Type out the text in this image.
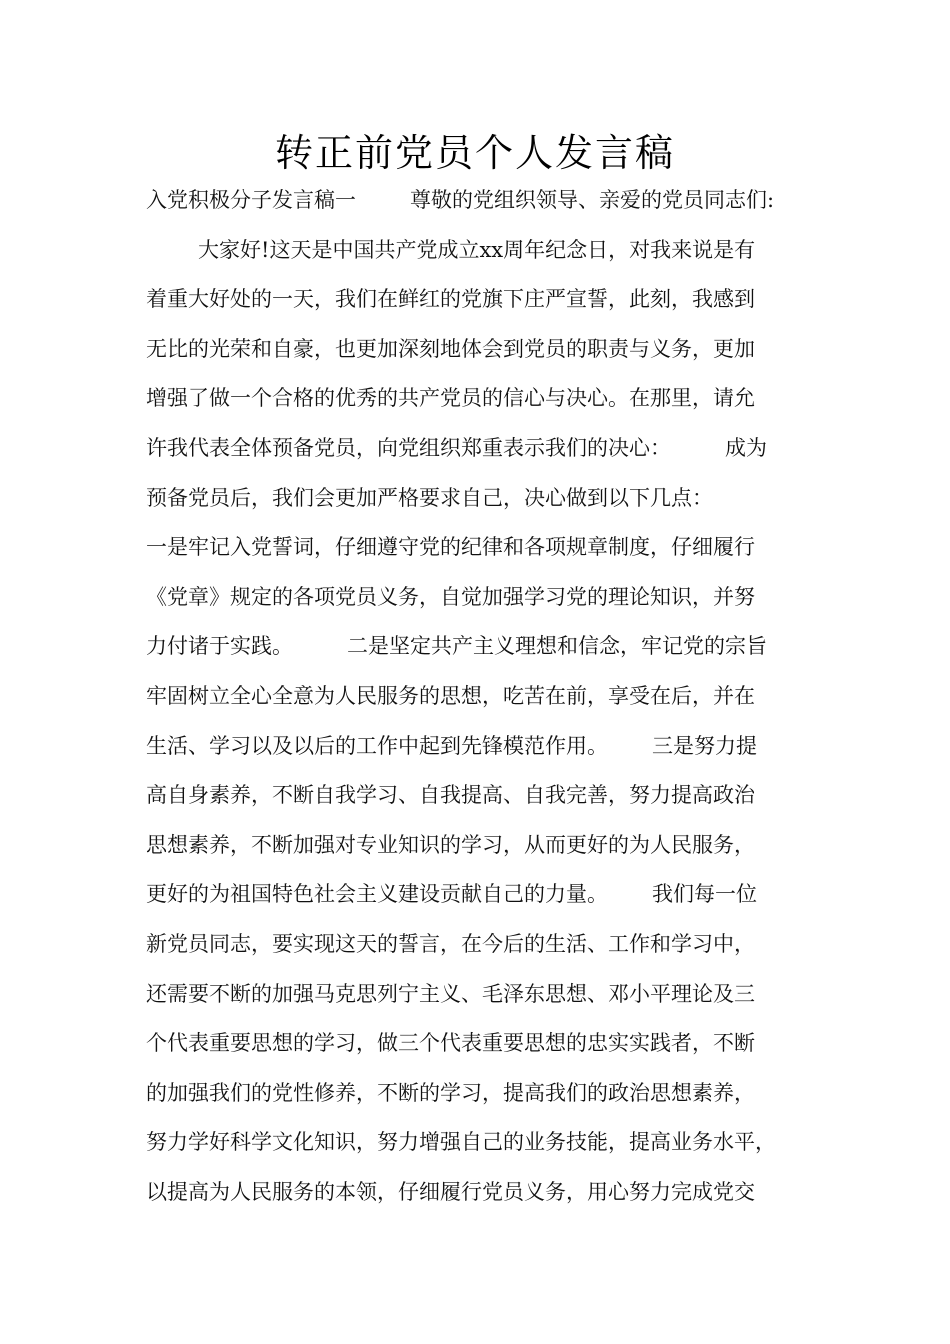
转正前党员个人发言稿
入党积极分子发言稿一	尊敬的党组织领导、亲爱的党员同志们:
大家好!这天是中国共产党成立xx周年纪念日，对我来说是有
着重大好处的一天，我们在鲜红的党旗下庄严宣誓，此刻，我感到
无比的光荣和自豪，也更加深刻地体会到党员的职责与义务，更加
增强了做一个合格的优秀的共产党员的信心与决心。在那里，请允
许我代表全体预备党员，向党组织郑重表示我们的决心：	成为
预备党员后，我们会更加严格要求自己，决心做到以下几点：
一是牢记入党誓词，仔细遵守党的纪律和各项规章制度，仔细履行
《党章》规定的各项党员义务，自觉加强学习党的理论知识，并努
力付诸于实践。	二是坚定共产主义理想和信念，牢记党的宗旨
牢固树立全心全意为人民服务的思想，吃苦在前，享受在后，并在
生活、学习以及以后的工作中起到先锋模范作用。 三是努力提
高自身素养，不断自我学习、自我提高、自我完善，努力提高政治
思想素养，不断加强对专业知识的学习，从而更好的为人民服务，
更好的为祖国特色社会主义建设贡献自己的力量。 我们每一位
新党员同志，要实现这天的誓言，在今后的生活、工作和学习中，
还需要不断的加强马克思列宁主义、毛泽东思想、邓小平理论及三
个代表重要思想的学习，做三个代表重要思想的忠实实践者，不断
的加强我们的党性修养，不断的学习，提高我们的政治思想素养，
努力学好科学文化知识，努力增强自己的业务技能，提高业务水平，
以提高为人民服务的本领，仔细履行党员义务，用心努力完成党交
